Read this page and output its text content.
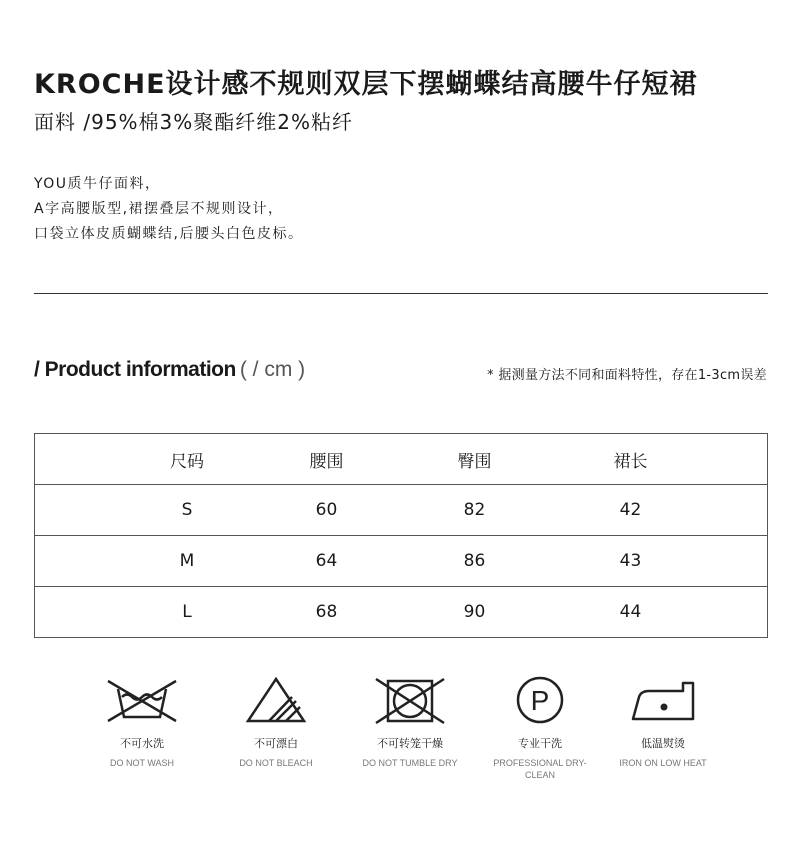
KROCHE设计感不规则双层下摆蝴蝶结高腰牛仔短裙
面料 /95%棉3%聚酯纤维2%粘纤
YOU质牛仔面料，
A字高腰版型,裙摆叠层不规则设计，
口袋立体皮质蝴蝶结,后腰头白色皮标。
/ Product information ( / cm )	* 据测量方法不同和面料特性，存在1-3cm误差
尺码	腰围	臀围	裙长
S	60	82	42
M	64	86	43
L	68	90	44
不可水洗
DO NOT WASH
不可漂白
DO NOT BLEACH
不可转笼干燥
DO NOT TUMBLE DRY
P
专业干洗
PROFESSIONAL DRY-CLEAN
低温熨烫
IRON ON LOW HEAT
